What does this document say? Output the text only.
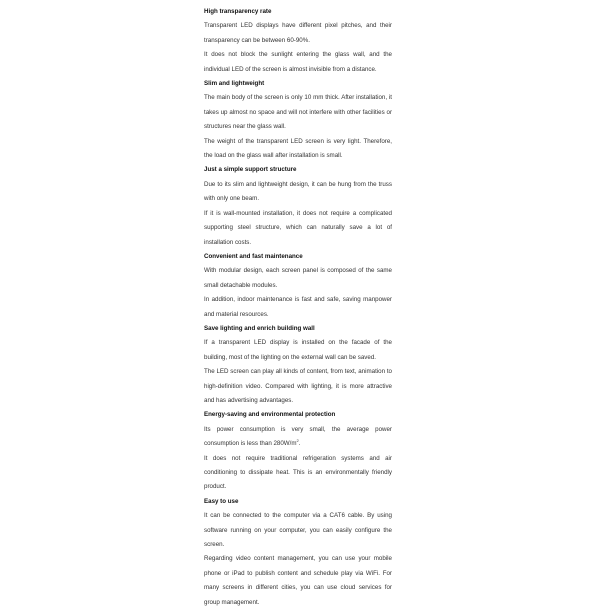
High transparency rate

Transparent LED displays have different pixel pitches, and their transparency can be between 60-90%.

It does not block the sunlight entering the glass wall, and the individual LED of the screen is almost invisible from a distance.

Slim and lightweight

The main body of the screen is only 10 mm thick. After installation, it takes up almost no space and will not interfere with other facilities or structures near the glass wall.

The weight of the transparent LED screen is very light. Therefore, the load on the glass wall after installation is small.

Just a simple support structure

Due to its slim and lightweight design, it can be hung from the truss with only one beam.

If it is wall-mounted installation, it does not require a complicated supporting steel structure, which can naturally save a lot of installation costs.

Convenient and fast maintenance

With modular design, each screen panel is composed of the same small detachable modules.

In addition, indoor maintenance is fast and safe, saving manpower and material resources.

Save lighting and enrich building wall

If a transparent LED display is installed on the facade of the building, most of the lighting on the external wall can be saved.

The LED screen can play all kinds of content, from text, animation to high-definition video. Compared with lighting, it is more attractive and has advertising advantages.

Energy-saving and environmental protection

Its power consumption is very small, the average power consumption is less than $280W/m^2$.

It does not require traditional refrigeration systems and air conditioning to dissipate heat. This is an environmentally friendly product.

Easy to use

It can be connected to the computer via a CAT6 cable. By using software running on your computer, you can easily configure the screen.

Regarding video content management, you can use your mobile phone or iPad to publish content and schedule play via WiFi. For many screens in different cities, you can use cloud services for group management.
